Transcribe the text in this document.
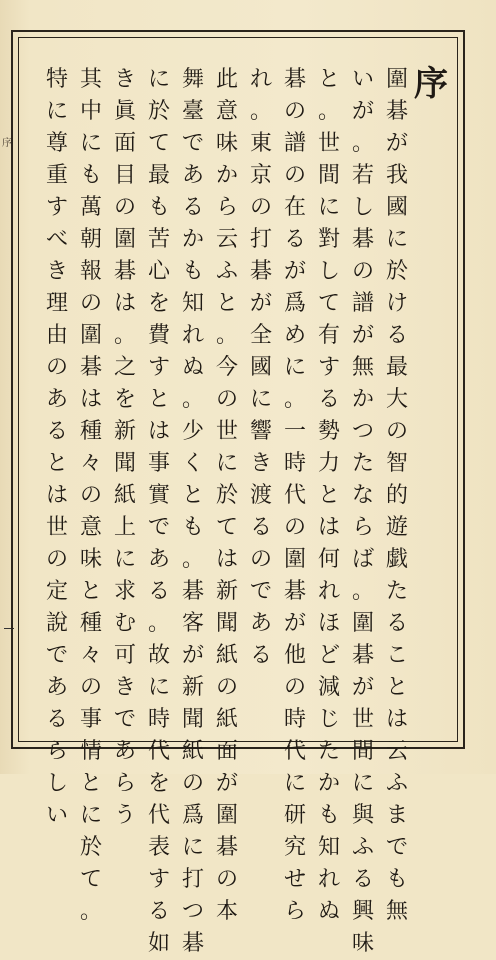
序
序
圍
碁
が
我
國
に
於
け
る
最
大
の
智
的
遊
戯
た
る
こ
と
は
云
ふ
ま
で
も
無
い
が
。
若
し
碁
の
譜
が
無
か
つ
た
な
ら
ば
。
圍
碁
が
世
間
に
與
ふ
る
興
味
と
。
世
間
に
對
し
て
有
す
る
勢
力
と
は
何
れ
ほ
ど
減
じ
た
か
も
知
れ
ぬ
碁
の
譜
の
在
る
が
爲
め
に
。
一
時
代
の
圍
碁
が
他
の
時
代
に
研
究
せ
ら
れ
。
東
京
の
打
碁
が
全
國
に
響
き
渡
る
の
で
あ
る
此
意
味
か
ら
云
ふ
と
。
今
の
世
に
於
て
は
新
聞
紙
の
紙
面
が
圍
碁
の
本
舞
臺
で
あ
る
か
も
知
れ
ぬ
。
少
く
と
も
。
碁
客
が
新
聞
紙
の
爲
に
打
つ
碁
に
於
て
最
も
苦
心
を
費
す
と
は
事
實
で
あ
る
。
故
に
時
代
を
代
表
す
る
如
き
眞
面
目
の
圍
碁
は
。
之
を
新
聞
紙
上
に
求
む
可
き
で
あ
ら
う
其
中
に
も
萬
朝
報
の
圍
碁
は
種
々
の
意
味
と
種
々
の
事
情
と
に
於
て
。
特
に
尊
重
す
べ
き
理
由
の
あ
る
と
は
世
の
定
說
で
あ
る
ら
し
い
